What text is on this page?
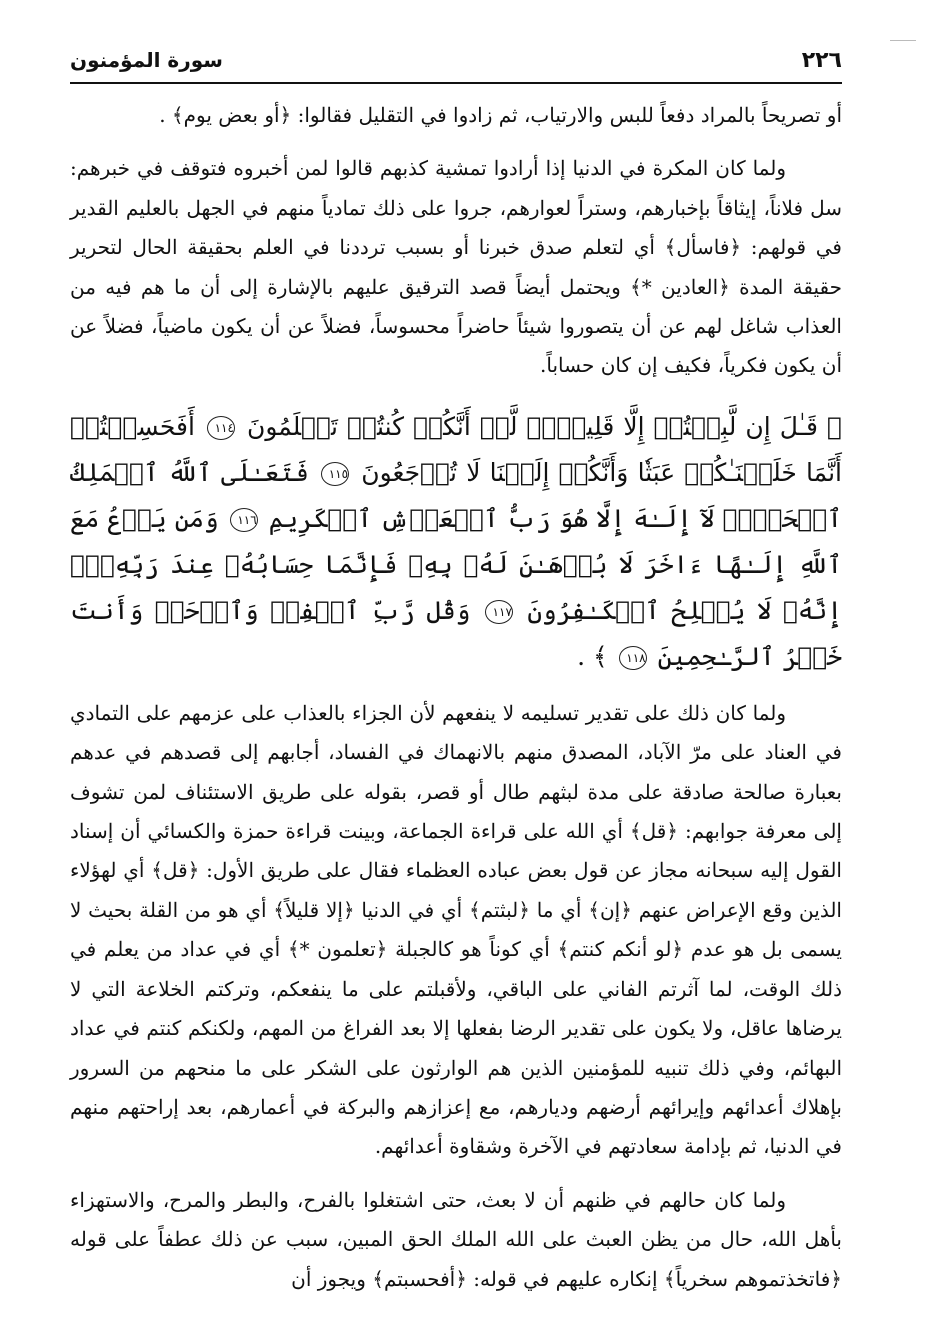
٢٢٦
سورة المؤمنون

أو تصريحاً بالمراد دفعاً للبس والارتياب، ثم زادوا في التقليل فقالوا: ﴿أو بعض يوم﴾ .

ولما كان المكرة في الدنيا إذا أرادوا تمشية كذبهم قالوا لمن أخبروه فتوقف في خبرهم: سل فلاناً، إيثاقاً بإخبارهم، وستراً لعوارهم، جروا على ذلك تمادياً منهم في الجهل بالعليم القدير في قولهم: ﴿فاسأل﴾ أي لتعلم صدق خبرنا أو بسبب ترددنا في العلم بحقيقة الحال لتحرير حقيقة المدة ﴿العادين *﴾ ويحتمل أيضاً قصد الترقيق عليهم بالإشارة إلى أن ما هم فيه من العذاب شاغل لهم عن أن يتصوروا شيئاً حاضراً محسوساً، فضلاً عن أن يكون ماضياً، فضلاً عن أن يكون فكرياً، فكيف إن كان حساباً.

﴿ قَـٰلَ إِن لَّبِثۡتُمۡ إِلَّا قَلِيلٗاۖ لَّوۡ أَنَّكُمۡ كُنتُمۡ تَعۡلَمُونَ ١١٤ أَفَحَسِبۡتُمۡ أَنَّمَا خَلَقۡنَـٰكُمۡ عَبَثٗا وَأَنَّكُمۡ إِلَيۡنَا لَا تُرۡجَعُونَ ١١٥ فَتَعَـٰلَى ٱللَّهُ ٱلۡمَلِكُ ٱلۡحَقُّۖ لَآ إِلَـٰهَ إِلَّا هُوَ رَبُّ ٱلۡعَرۡشِ ٱلۡكَرِيمِ ١١٦ وَمَن يَدۡعُ مَعَ ٱللَّهِ إِلَـٰهًا ءَاخَرَ لَا بُرۡهَـٰنَ لَهُۥ بِهِۦ فَإِنَّمَا حِسَابُهُۥ عِندَ رَبِّهِۦٓۚ إِنَّهُۥ لَا يُفۡلِحُ ٱلۡكَـٰفِرُونَ ١١٧ وَقُل رَّبِّ ٱغۡفِرۡ وَٱرۡحَمۡ وَأَنتَ خَيۡرُ ٱلرَّـٰحِمِينَ ١١٨ ﴾ .

ولما كان ذلك على تقدير تسليمه لا ينفعهم لأن الجزاء بالعذاب على عزمهم على التمادي في العناد على مرّ الآباد، المصدق منهم بالانهماك في الفساد، أجابهم إلى قصدهم في عدهم بعبارة صالحة صادقة على مدة لبثهم طال أو قصر، بقوله على طريق الاستئناف لمن تشوف إلى معرفة جوابهم: ﴿قل﴾ أي الله على قراءة الجماعة، وبينت قراءة حمزة والكسائي أن إسناد القول إليه سبحانه مجاز عن قول بعض عباده العظماء فقال على طريق الأول: ﴿قل﴾ أي لهؤلاء الذين وقع الإعراض عنهم ﴿إن﴾ أي ما ﴿لبثتم﴾ أي في الدنيا ﴿إلا قليلاً﴾ أي هو من القلة بحيث لا يسمى بل هو عدم ﴿لو أنكم كنتم﴾ أي كوناً هو كالجبلة ﴿تعلمون *﴾ أي في عداد من يعلم في ذلك الوقت، لما آثرتم الفاني على الباقي، ولأقبلتم على ما ينفعكم، وتركتم الخلاعة التي لا يرضاها عاقل، ولا يكون على تقدير الرضا بفعلها إلا بعد الفراغ من المهم، ولكنكم كنتم في عداد البهائم، وفي ذلك تنبيه للمؤمنين الذين هم الوارثون على الشكر على ما منحهم من السرور بإهلاك أعدائهم وإيرائهم أرضهم وديارهم، مع إعزازهم والبركة في أعمارهم، بعد إراحتهم منهم في الدنيا، ثم بإدامة سعادتهم في الآخرة وشقاوة أعدائهم.

ولما كان حالهم في ظنهم أن لا بعث، حتى اشتغلوا بالفرح، والبطر والمرح، والاستهزاء بأهل الله، حال من يظن العبث على الله الملك الحق المبين، سبب عن ذلك عطفاً على قوله ﴿فاتخذتموهم سخرياً﴾ إنكاره عليهم في قوله: ﴿أفحسبتم﴾ ويجوز أن
